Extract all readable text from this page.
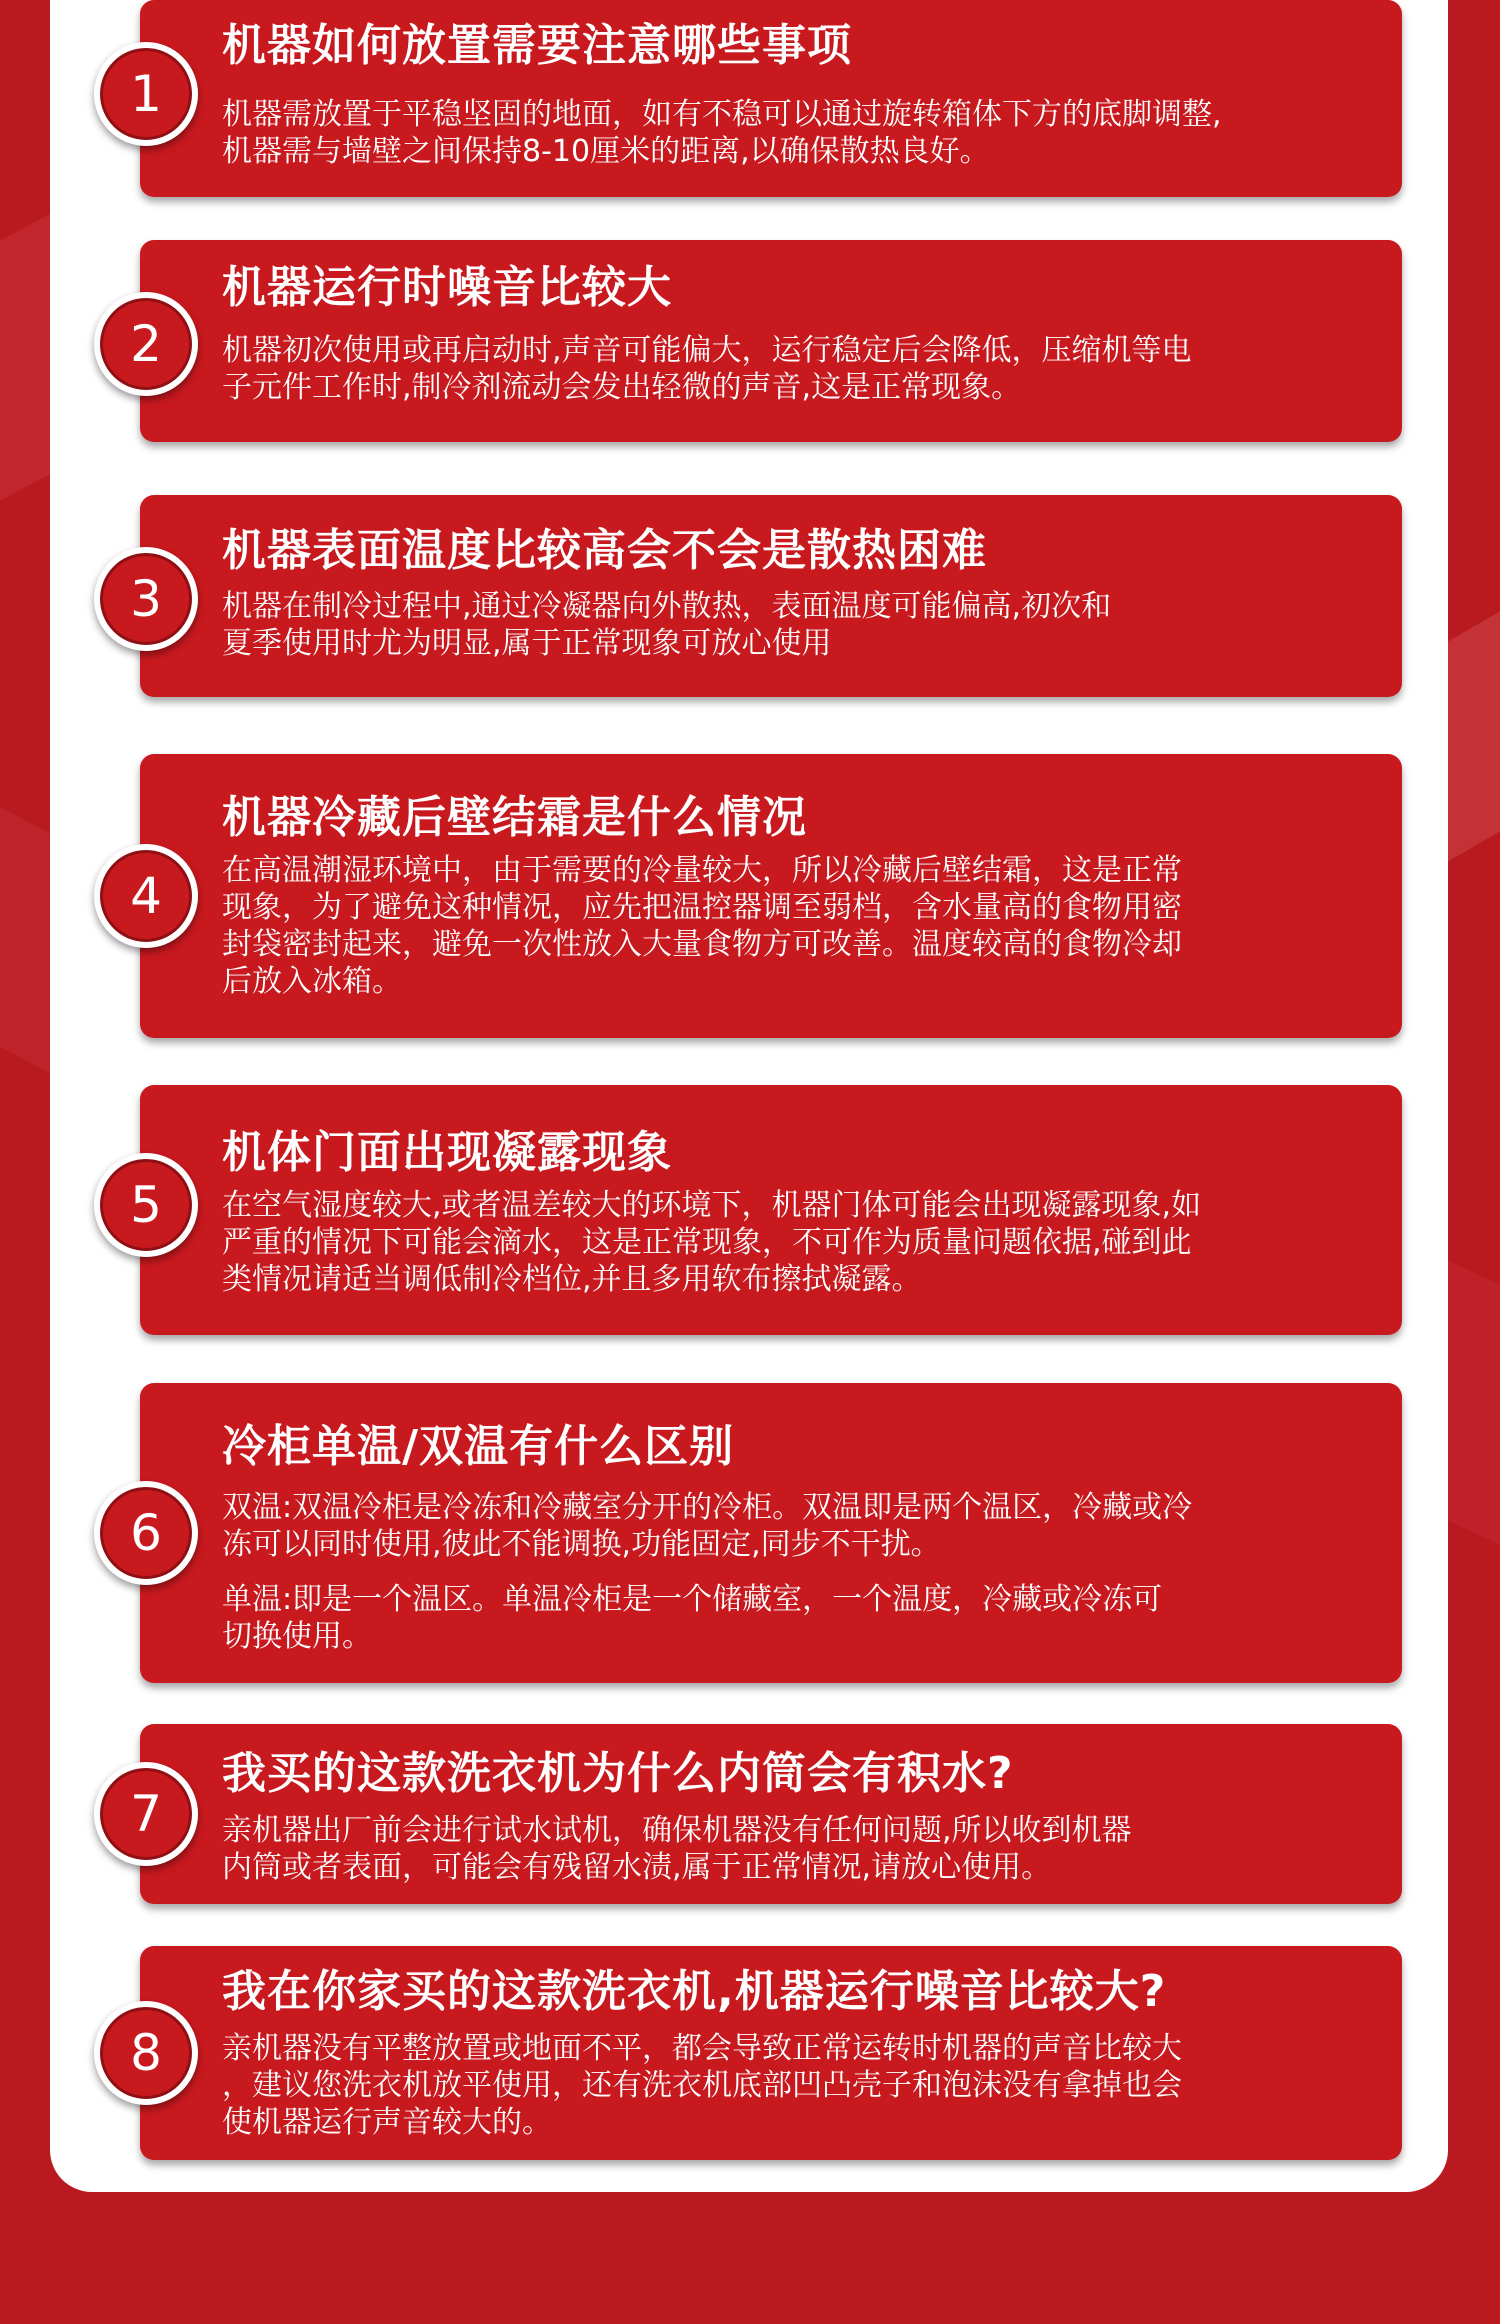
1
机器如何放置需要注意哪些事项

机器需放置于平稳坚固的地面，如有不稳可以通过旋转箱体下方的底脚调整,

机器需与墙壁之间保持8-10厘米的距离,以确保散热良好。

2
机器运行时噪音比较大

机器初次使用或再启动时,声音可能偏大，运行稳定后会降低，压缩机等电

子元件工作时,制冷剂流动会发出轻微的声音,这是正常现象。

3
机器表面温度比较高会不会是散热困难

机器在制冷过程中,通过冷凝器向外散热，表面温度可能偏高,初次和

夏季使用时尤为明显,属于正常现象可放心使用

4
机器冷藏后壁结霜是什么情况

在高温潮湿环境中，由于需要的冷量较大，所以冷藏后壁结霜，这是正常

现象，为了避免这种情况，应先把温控器调至弱档，含水量高的食物用密

封袋密封起来，避免一次性放入大量食物方可改善。温度较高的食物冷却

后放入冰箱。

5
机体门面出现凝露现象

在空气湿度较大,或者温差较大的环境下，机器门体可能会出现凝露现象,如

严重的情况下可能会滴水，这是正常现象，不可作为质量问题依据,碰到此

类情况请适当调低制冷档位,并且多用软布擦拭凝露。

6
冷柜单温/双温有什么区别

双温:双温冷柜是冷冻和冷藏室分开的冷柜。双温即是两个温区，冷藏或冷

冻可以同时使用,彼此不能调换,功能固定,同步不干扰。

单温:即是一个温区。单温冷柜是一个储藏室，一个温度，冷藏或冷冻可

切换使用。

7
我买的这款洗衣机为什么内筒会有积水?

亲机器出厂前会进行试水试机，确保机器没有任何问题,所以收到机器

内筒或者表面，可能会有残留水渍,属于正常情况,请放心使用。

8
我在你家买的这款洗衣机,机器运行噪音比较大?

亲机器没有平整放置或地面不平，都会导致正常运转时机器的声音比较大

，建议您洗衣机放平使用，还有洗衣机底部凹凸壳子和泡沫没有拿掉也会

使机器运行声音较大的。
